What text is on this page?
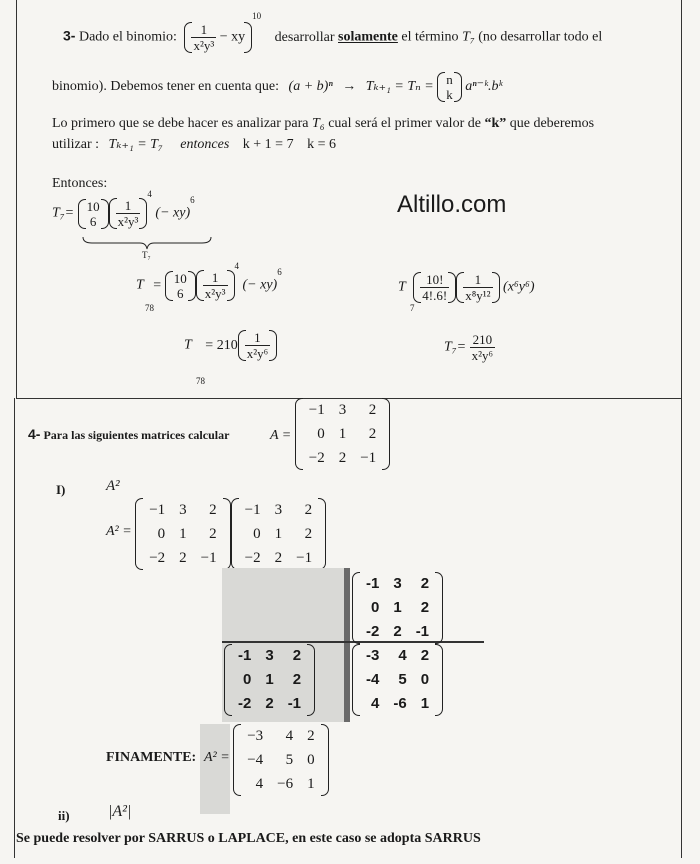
3- Dado el binomio: $\frac{1}{\text{x²y³}} - xy^{10}$ desarrollar solamente el término T₇ (no desarrollar todo el
binomio). Debemos tener en cuenta que: (a + b)ⁿ → Tₖ₊₁ = Tₙ = n
k
aⁿ⁻ᵏ.bᵏ
Lo primero que se debe hacer es analizar para T₆ cual será el primer valor de “k” que deberemos
utilizar : Tₖ₊₁ = T₇ entonces k + 1 = 7 k = 6
Entonces:
Altillo.com
T₇= 10
6	$\frac{1}{\text{x²y³}}$
$^4$ (− xy)$^6$
T₇
T = 10
6	$\frac{1}{\text{x²y³}}$
$^4$ (− xy)$^6$
78
T $\frac{10!}{4!.6!} \frac{1}{\text{x⁸y¹²}} (x^6y^6)$
7
$T = 210 \frac{1}{\text{x²y⁶}}$
78
$T_7= \frac{210}{\text{x²y⁶}}$
4- Para las siguientes matrices calcular	A =
−1	3	2
0	1	2
−2	2	−1
I)	A²
A² =
−1	3	2
0	1	2
−2	2	−1
−1	3	2
0	1	2
−2	2	−1
-1	3	2
0	1	2
-2	2	-1
-1	3	2
0	1	2
-2	2	-1
-3	4	2
-4	5	0
4	-6	1
FINAMENTE: A² =
−3	4	2
−4	5	0
4	−6	1
ii) |A²|
Se puede resolver por SARRUS o LAPLACE, en este caso se adopta SARRUS
